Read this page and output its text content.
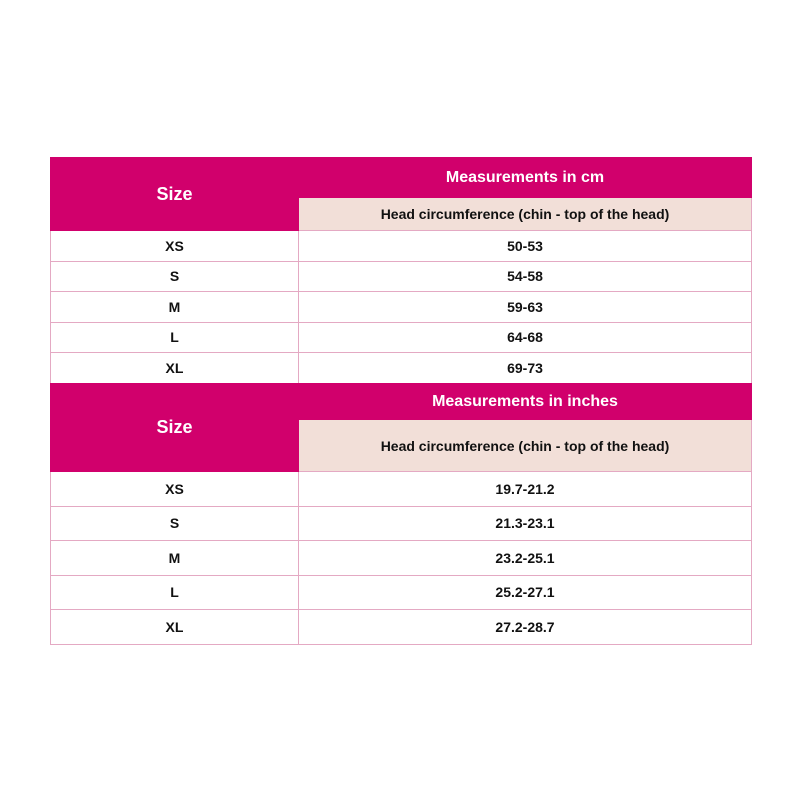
Size	Measurements in cm
	Head circumference (chin - top of the head)
XS	50-53
S	54-58
M	59-63
L	64-68
XL	69-73
Size	Measurements in inches
	Head circumference (chin - top of the head)
XS	19.7-21.2
S	21.3-23.1
M	23.2-25.1
L	25.2-27.1
XL	27.2-28.7
